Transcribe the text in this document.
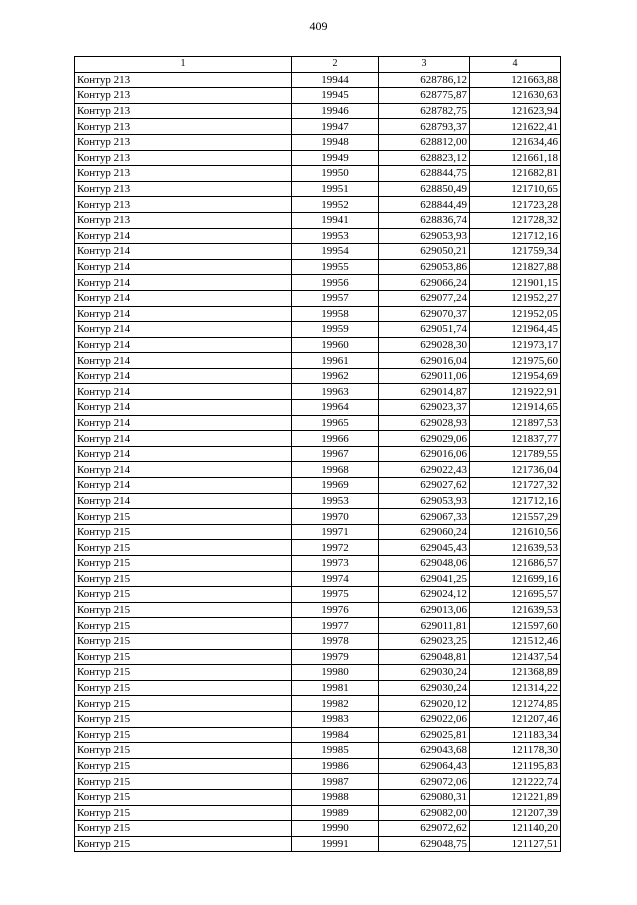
409
1	2	3	4
Контур 213	19944	628786,12	121663,88
Контур 213	19945	628775,87	121630,63
Контур 213	19946	628782,75	121623,94
Контур 213	19947	628793,37	121622,41
Контур 213	19948	628812,00	121634,46
Контур 213	19949	628823,12	121661,18
Контур 213	19950	628844,75	121682,81
Контур 213	19951	628850,49	121710,65
Контур 213	19952	628844,49	121723,28
Контур 213	19941	628836,74	121728,32
Контур 214	19953	629053,93	121712,16
Контур 214	19954	629050,21	121759,34
Контур 214	19955	629053,86	121827,88
Контур 214	19956	629066,24	121901,15
Контур 214	19957	629077,24	121952,27
Контур 214	19958	629070,37	121952,05
Контур 214	19959	629051,74	121964,45
Контур 214	19960	629028,30	121973,17
Контур 214	19961	629016,04	121975,60
Контур 214	19962	629011,06	121954,69
Контур 214	19963	629014,87	121922,91
Контур 214	19964	629023,37	121914,65
Контур 214	19965	629028,93	121897,53
Контур 214	19966	629029,06	121837,77
Контур 214	19967	629016,06	121789,55
Контур 214	19968	629022,43	121736,04
Контур 214	19969	629027,62	121727,32
Контур 214	19953	629053,93	121712,16
Контур 215	19970	629067,33	121557,29
Контур 215	19971	629060,24	121610,56
Контур 215	19972	629045,43	121639,53
Контур 215	19973	629048,06	121686,57
Контур 215	19974	629041,25	121699,16
Контур 215	19975	629024,12	121695,57
Контур 215	19976	629013,06	121639,53
Контур 215	19977	629011,81	121597,60
Контур 215	19978	629023,25	121512,46
Контур 215	19979	629048,81	121437,54
Контур 215	19980	629030,24	121368,89
Контур 215	19981	629030,24	121314,22
Контур 215	19982	629020,12	121274,85
Контур 215	19983	629022,06	121207,46
Контур 215	19984	629025,81	121183,34
Контур 215	19985	629043,68	121178,30
Контур 215	19986	629064,43	121195,83
Контур 215	19987	629072,06	121222,74
Контур 215	19988	629080,31	121221,89
Контур 215	19989	629082,00	121207,39
Контур 215	19990	629072,62	121140,20
Контур 215	19991	629048,75	121127,51
